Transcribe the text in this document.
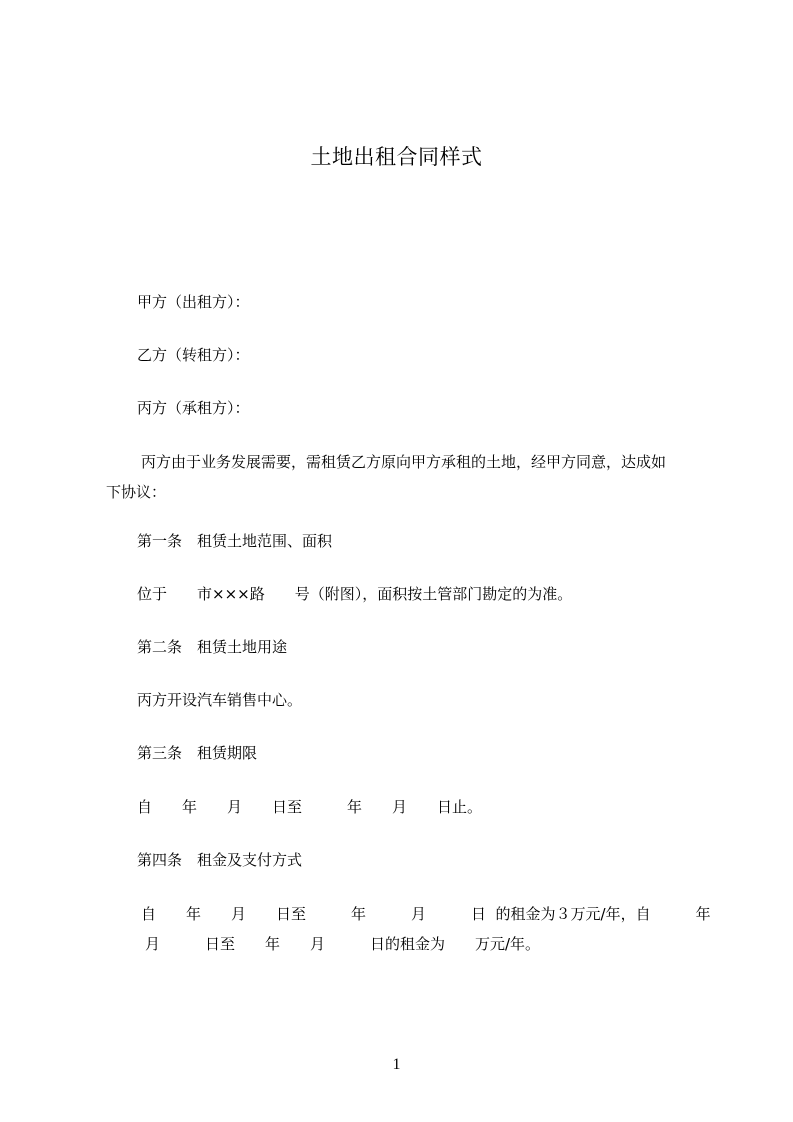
土地出租合同样式
甲方（出租方）：
乙方（转租方）：
丙方（承租方）：
丙方由于业务发展需要，需租赁乙方原向甲方承租的土地，经甲方同意，达成如
下协议：
第一条　租赁土地范围、面积
位于　　市×××路　　号（附图），面积按土管部门勘定的为准。
第二条　租赁土地用途
丙方开设汽车销售中心。
第三条　租赁期限
自　　年　　月　　日至　　　年　　月　　日止。
第四条　租金及支付方式
自　　年　　月　　日至　　　年　　　月　　　日  的租金为３万元/年，自　　　年
月　　　日至　　年　　月　　　日的租金为　　万元/年。
1
